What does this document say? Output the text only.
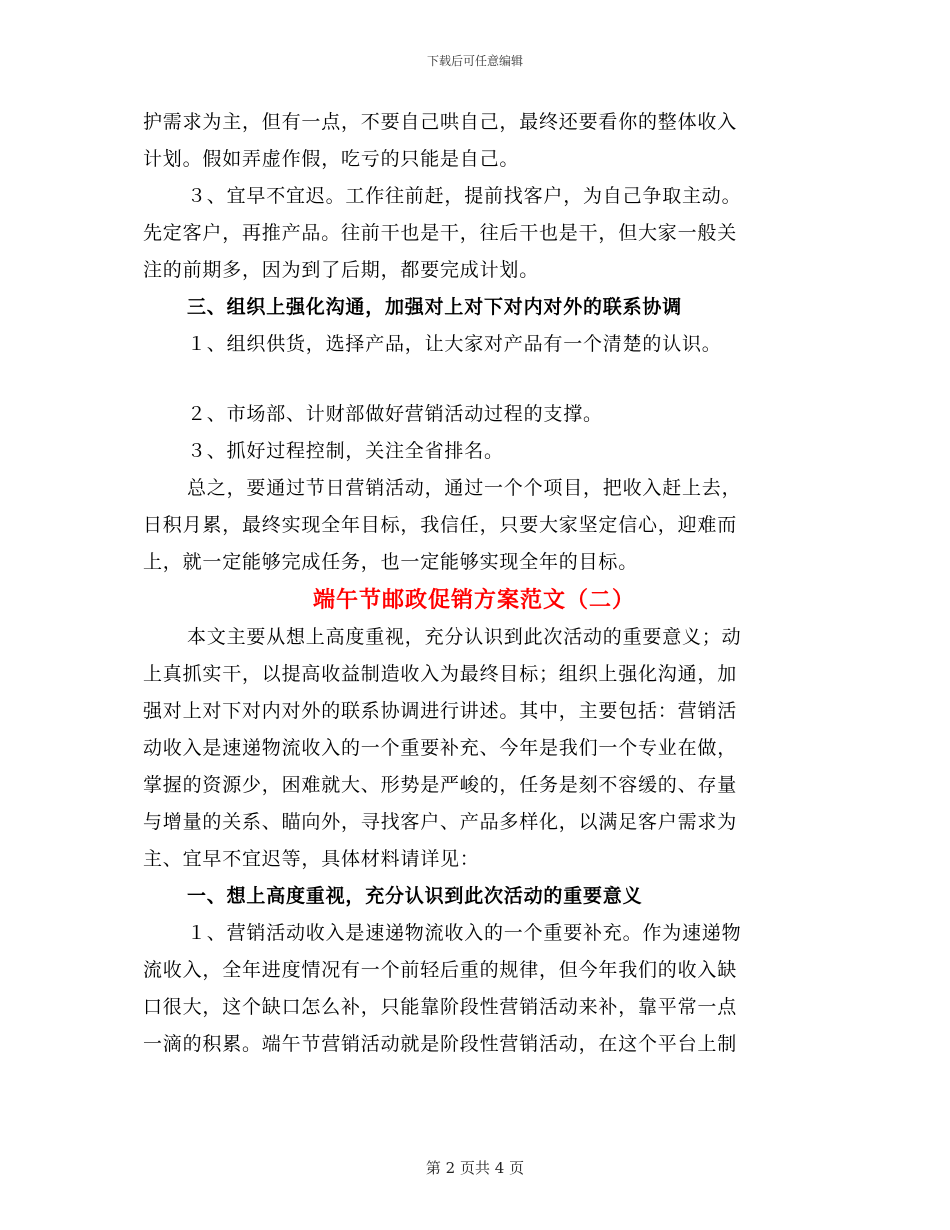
下载后可任意编辑
护需求为主，但有一点，不要自己哄自己，最终还要看你的整体收入
计划。假如弄虚作假，吃亏的只能是自己。
３、宜早不宜迟。工作往前赶，提前找客户，为自己争取主动。
先定客户，再推产品。往前干也是干，往后干也是干，但大家一般关
注的前期多，因为到了后期，都要完成计划。
三、组织上强化沟通，加强对上对下对内对外的联系协调
１、组织供货，选择产品，让大家对产品有一个清楚的认识。
２、市场部、计财部做好营销活动过程的支撑。
３、抓好过程控制，关注全省排名。
总之，要通过节日营销活动，通过一个个项目，把收入赶上去，
日积月累，最终实现全年目标，我信任，只要大家坚定信心，迎难而
上，就一定能够完成任务，也一定能够实现全年的目标。
端午节邮政促销方案范文（二）
本文主要从想上高度重视，充分认识到此次活动的重要意义；动
上真抓实干，以提高收益制造收入为最终目标；组织上强化沟通，加
强对上对下对内对外的联系协调进行讲述。其中，主要包括：营销活
动收入是速递物流收入的一个重要补充、今年是我们一个专业在做，
掌握的资源少，困难就大、形势是严峻的，任务是刻不容缓的、存量
与增量的关系、瞄向外，寻找客户、产品多样化，以满足客户需求为
主、宜早不宜迟等，具体材料请详见：
一、想上高度重视，充分认识到此次活动的重要意义
１、营销活动收入是速递物流收入的一个重要补充。作为速递物
流收入，全年进度情况有一个前轻后重的规律，但今年我们的收入缺
口很大，这个缺口怎么补，只能靠阶段性营销活动来补，靠平常一点
一滴的积累。端午节营销活动就是阶段性营销活动，在这个平台上制
第 2 页共 4 页
